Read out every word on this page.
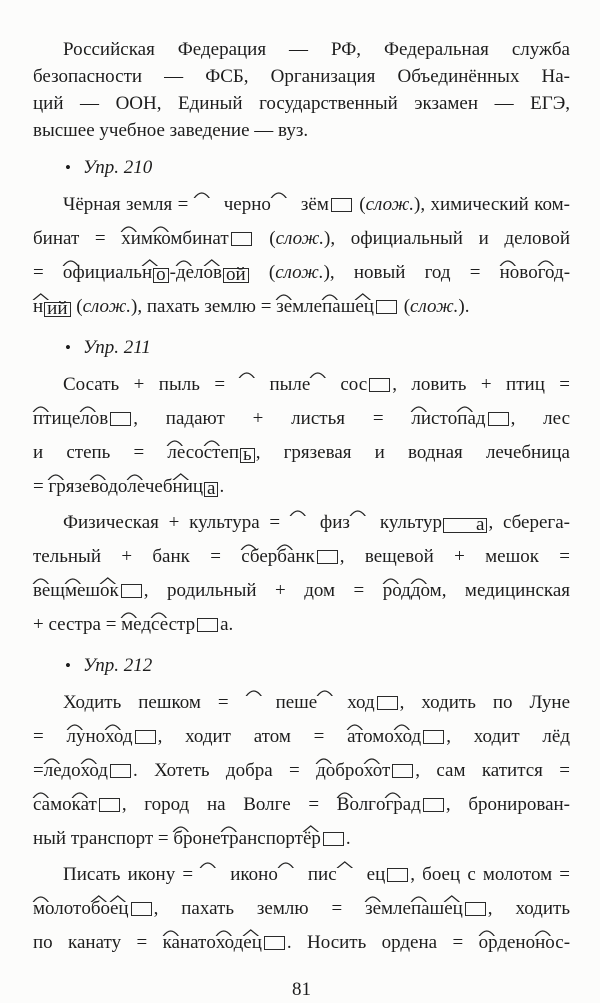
Российская Федерация — РФ, Федеральная служба
безопасности — ФСБ, Организация Объединённых На-
ций — ООН, Единый государственный экзамен — ЕГЭ,
высшее учебное заведение — вуз.
• Упр. 210
Чёрная земля = черн
о зём
(слож.), химический ком-
бинат = хим
комбинат
(слож.), официальный и деловой
= официаль
н о -дел
ов ой (слож.), новый год = нов
огод
-
н ий (слож.), пахать землю = земл
епаш
ец
(слож.).
• Упр. 211
Сосать + пыль = пыл
е сос , ловить + птиц =
птиц
елов , падают + листья = лист
опад , лес
и степь = лес
остеп ь , грязевая и водная лечебница
= гряз
евод
олечеб
ниц а .
Физическая + культура = физ культур а , сберега-
тельный + банк = сбер
банк , вещевой + мешок =
вещ
меш
ок , родильный + дом = род
дом
, медицинская
+ сестра = мед
сестр а.
• Упр. 212
Ходить пешком = пеш
е ход , ходить по Луне
= лун
оход , ходит атом = атом
оход , ходит лёд
=лед
оход . Хотеть добра = добр
охот , сам катится =
сам
окат , город на Волге = Волг
оград , бронирован-
ный транспорт = брон
етранспорт
ёр .
Писать икону = икон
о пис ец , боец с молотом =
молот
обо
ец , пахать землю = земл
епаш
ец , ходить
по канату = канат
оход
ец . Носить ордена = орден
онос
-
81
